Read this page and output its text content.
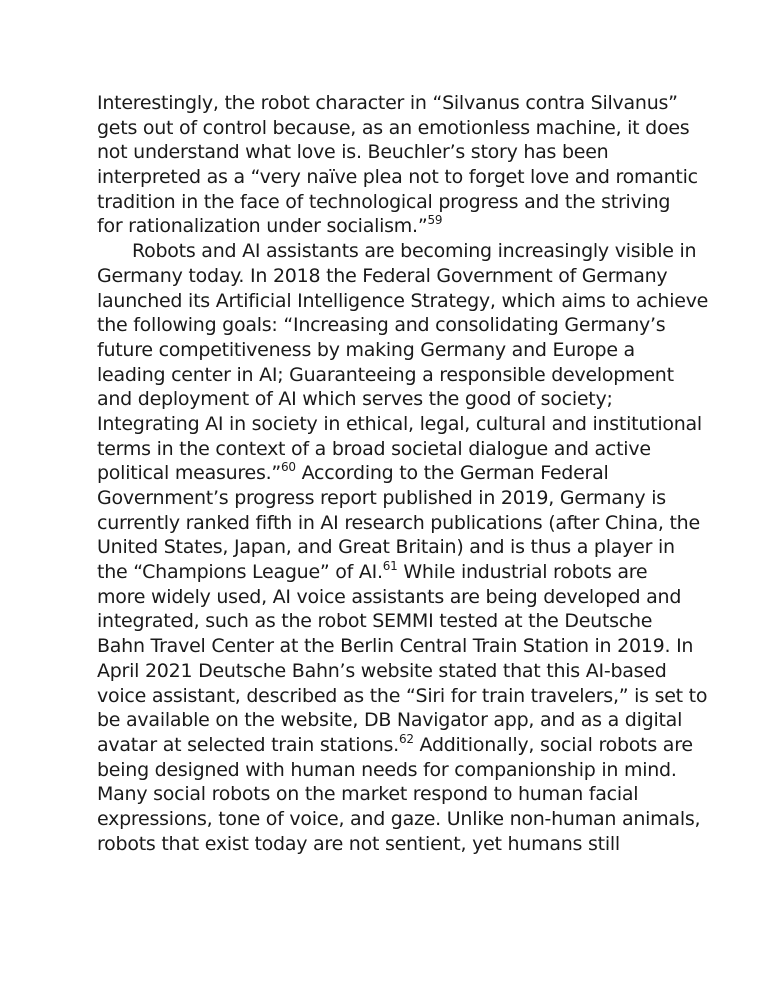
Interestingly, the robot character in “Silvanus contra Silvanus”
gets out of control because, as an emotionless machine, it does
not understand what love is. Beuchler’s story has been
interpreted as a “very naïve plea not to forget love and romantic
tradition in the face of technological progress and the striving
for rationalization under socialism.”$^{59}$
Robots and AI assistants are becoming increasingly visible in
Germany today. In 2018 the Federal Government of Germany
launched its Artificial Intelligence Strategy, which aims to achieve
the following goals: “Increasing and consolidating Germany’s
future competitiveness by making Germany and Europe a
leading center in AI; Guaranteeing a responsible development
and deployment of AI which serves the good of society;
Integrating AI in society in ethical, legal, cultural and institutional
terms in the context of a broad societal dialogue and active
political measures.”$^{60}$ According to the German Federal
Government’s progress report published in 2019, Germany is
currently ranked fifth in AI research publications (after China, the
United States, Japan, and Great Britain) and is thus a player in
the “Champions League” of AI.$^{61}$ While industrial robots are
more widely used, AI voice assistants are being developed and
integrated, such as the robot SEMMI tested at the Deutsche
Bahn Travel Center at the Berlin Central Train Station in 2019. In
April 2021 Deutsche Bahn’s website stated that this AI-based
voice assistant, described as the “Siri for train travelers,” is set to
be available on the website, DB Navigator app, and as a digital
avatar at selected train stations.$^{62}$ Additionally, social robots are
being designed with human needs for companionship in mind.
Many social robots on the market respond to human facial
expressions, tone of voice, and gaze. Unlike non-human animals,
robots that exist today are not sentient, yet humans still
